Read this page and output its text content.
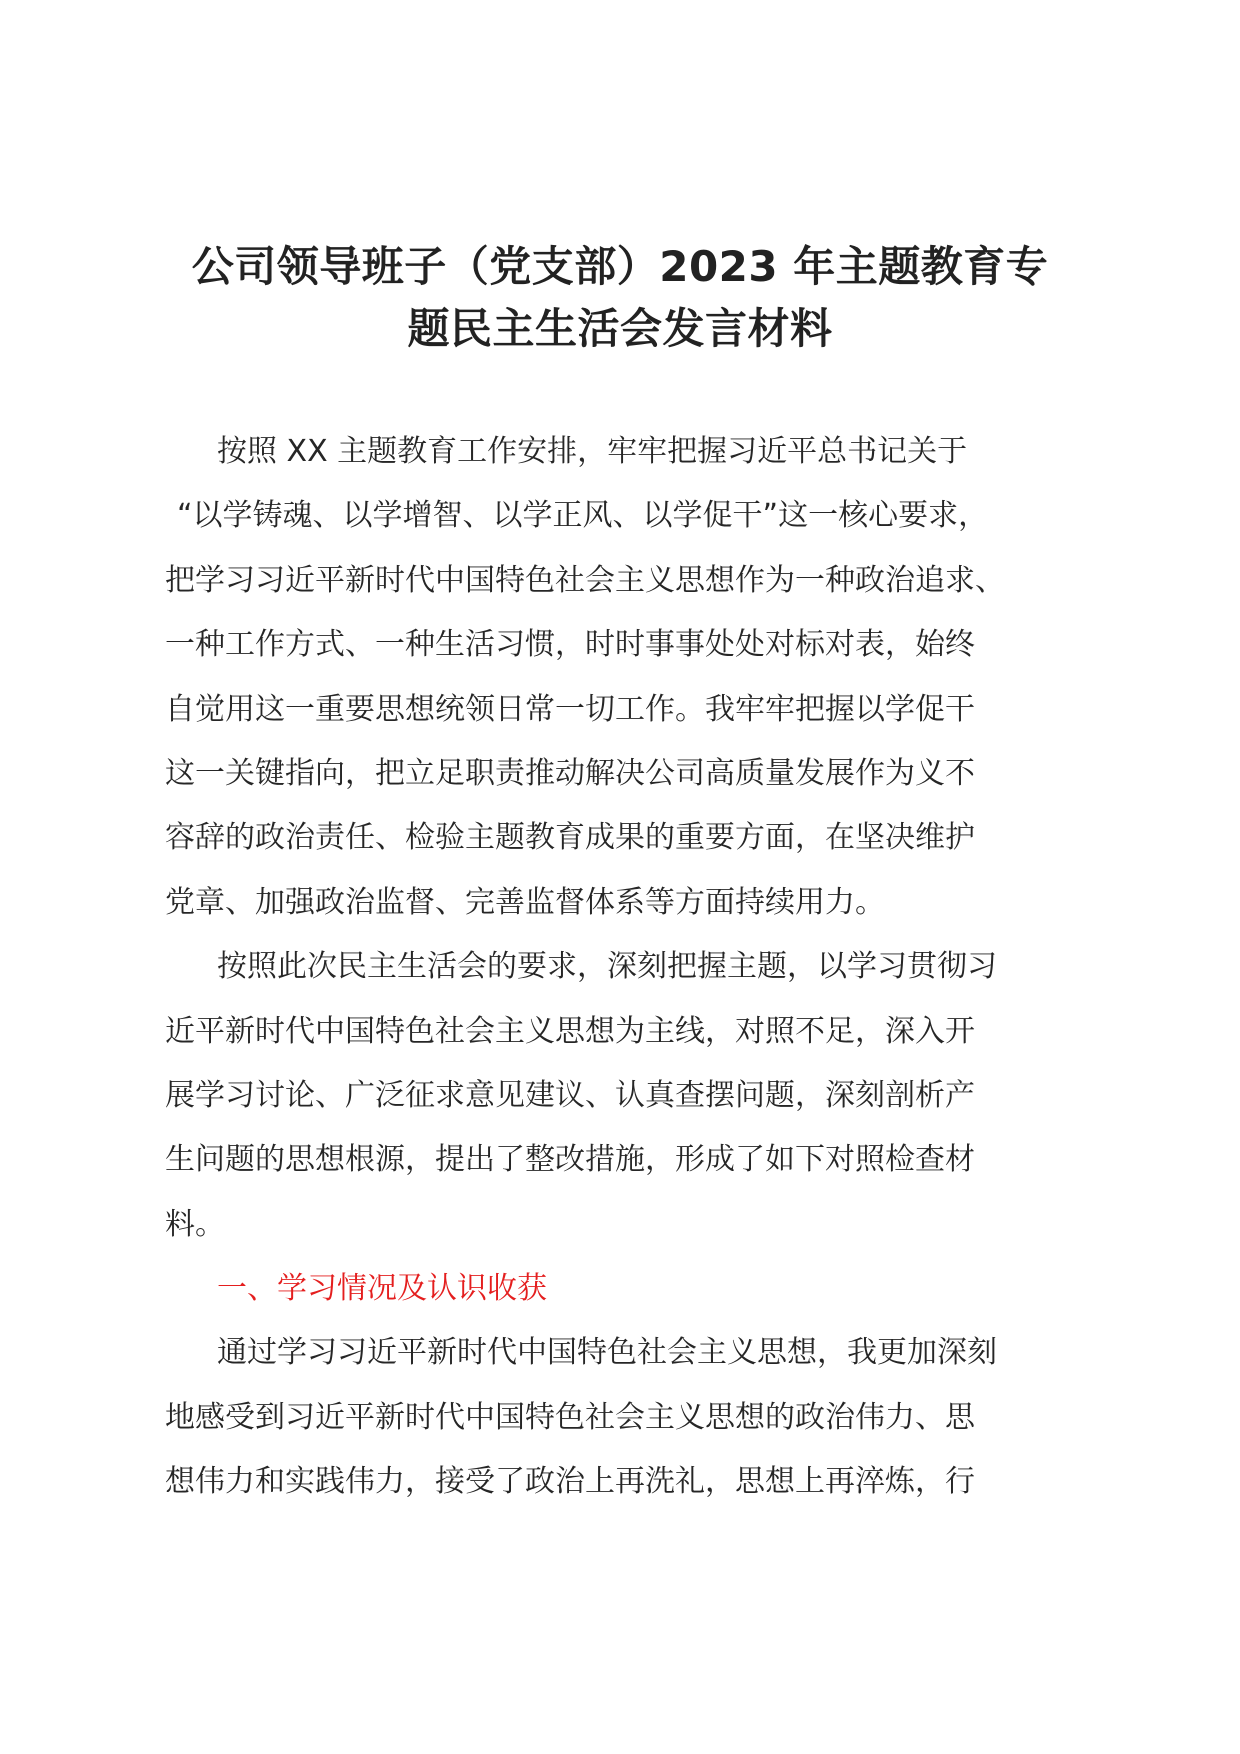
公司领导班子（党支部）2023 年主题教育专
题民主生活会发言材料
按照 XX 主题教育工作安排，牢牢把握习近平总书记关于
“以学铸魂、以学增智、以学正风、以学促干”这一核心要求，
把学习习近平新时代中国特色社会主义思想作为一种政治追求、
一种工作方式、一种生活习惯，时时事事处处对标对表，始终
自觉用这一重要思想统领日常一切工作。我牢牢把握以学促干
这一关键指向，把立足职责推动解决公司高质量发展作为义不
容辞的政治责任、检验主题教育成果的重要方面，在坚决维护
党章、加强政治监督、完善监督体系等方面持续用力。
按照此次民主生活会的要求，深刻把握主题，以学习贯彻习
近平新时代中国特色社会主义思想为主线，对照不足，深入开
展学习讨论、广泛征求意见建议、认真查摆问题，深刻剖析产
生问题的思想根源，提出了整改措施，形成了如下对照检查材
料。
一、学习情况及认识收获
通过学习习近平新时代中国特色社会主义思想，我更加深刻
地感受到习近平新时代中国特色社会主义思想的政治伟力、思
想伟力和实践伟力，接受了政治上再洗礼，思想上再淬炼，行
